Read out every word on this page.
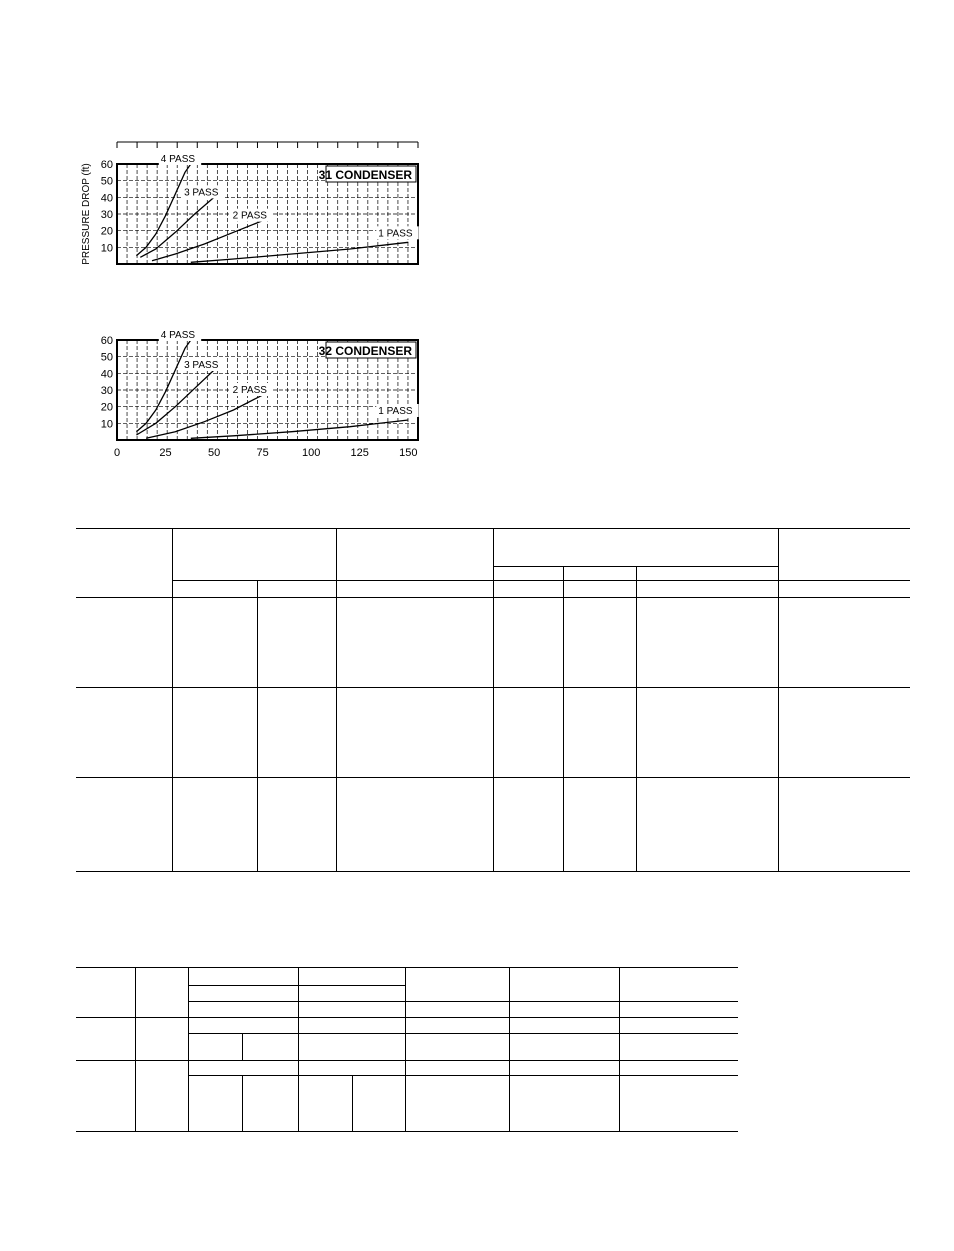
60
50
40
30
20
10
PRESSURE DROP (ft)	31 CONDENSER
4 PASS
3 PASS
2 PASS
1 PASS
60
50
40
30
20
10
0	25	50	75	100	125	150
32 CONDENSER
4 PASS
3 PASS
2 PASS
1 PASS
